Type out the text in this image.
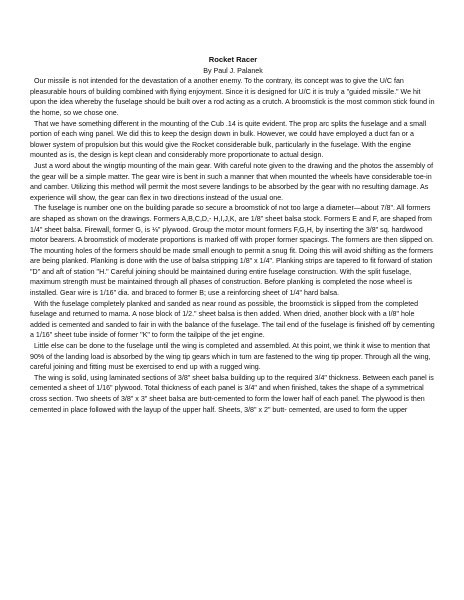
Rocket Racer
By Paul J. Palanek

Our missile is not intended for the devastation of a another enemy. To the contrary, its concept was to give the U/C fan pleasurable hours of building combined with flying enjoyment. Since it is designed for U/C it is truly a "guided missile." We hit upon the idea whereby the fuselage should be built over a rod acting as a crutch. A broomstick is the most common stick found in the home, so we chose one.

That we have something different in the mounting of the Cub .14 is quite evident. The prop arc splits the fuselage and a small portion of each wing panel. We did this to keep the design down in bulk. However, we could have employed a duct fan or a blower system of propulsion but this would give the Rocket considerable bulk, particularly in the fuselage. With the engine mounted as is, the design is kept clean and considerably more proportionate to actual design.

Just a word about the wingtip mounting of the main gear. With careful note given to the drawing and the photos the assembly of the gear will be a simple matter. The gear wire is bent in such a manner that when mounted the wheels have considerable toe-in and camber. Utilizing this method will permit the most severe landings to be absorbed by the gear with no resulting damage. As experience will show, the gear can flex in two directions instead of the usual one.

The fuselage is number one on the building parade so secure a broomstick of not too large a diameter—about 7/8". All formers are shaped as shown on the drawings. Formers A,B,C,D,- H,I,J,K, are 1/8" sheet balsa stock. Formers E and F, are shaped from 1/4" sheet balsa. Firewall, former G, is ⅛" plywood. Group the motor mount formers F,G,H, by inserting the 3/8" sq. hardwood motor bearers. A broomstick of moderate proportions is marked off with proper former spacings. The formers are then slipped on. The mounting holes of the formers should be made small enough to permit a snug fit. Doing this will avoid shifting as the formers are being planked. Planking is done with the use of balsa stripping 1/8" x 1/4". Planking strips are tapered to fit forward of station "D" and aft of station "H." Careful joining should be maintained during entire fuselage construction. With the split fuselage, maximum strength must be maintained through all phases of construction. Before planking is completed the nose wheel is installed. Gear wire is 1/16" dia. and braced to former B; use a reinforcing sheet of 1/4" hard balsa.

With the fuselage completely planked and sanded as near round as possible, the broomstick is slipped from the completed fuselage and returned to mama. A nose block of 1/2." sheet balsa is then added. When dried, another block with a I/8" hole added is cemented and sanded to fair in with the balance of the fuselage. The tail end of the fuselage is finished off by cementing a 1/16" sheet tube inside of former "K" to form the tailpipe of the jet engine.

Little else can be done to the fuselage until the wing is completed and assembled. At this point, we think it wise to mention that 90% of the landing load is absorbed by the wing tip gears which in turn are fastened to the wing tip proper. Through all the wing, careful joining and fitting must be exercised to end up with a rugged wing.

The wing is solid, using laminated sections of 3/8" sheet balsa building up to the required 3/4" thickness. Between each panel is cemented a sheet of 1/16" plywood. Total thickness of each panel is 3/4" and when finished, takes the shape of a symmetrical cross section. Two sheets of 3/8" x 3" sheet balsa are butt-cemented to form the lower half of each panel. The plywood is then cemented in place followed with the layup of the upper half. Sheets, 3/8" x 2" butt- cemented, are used to form the upper
